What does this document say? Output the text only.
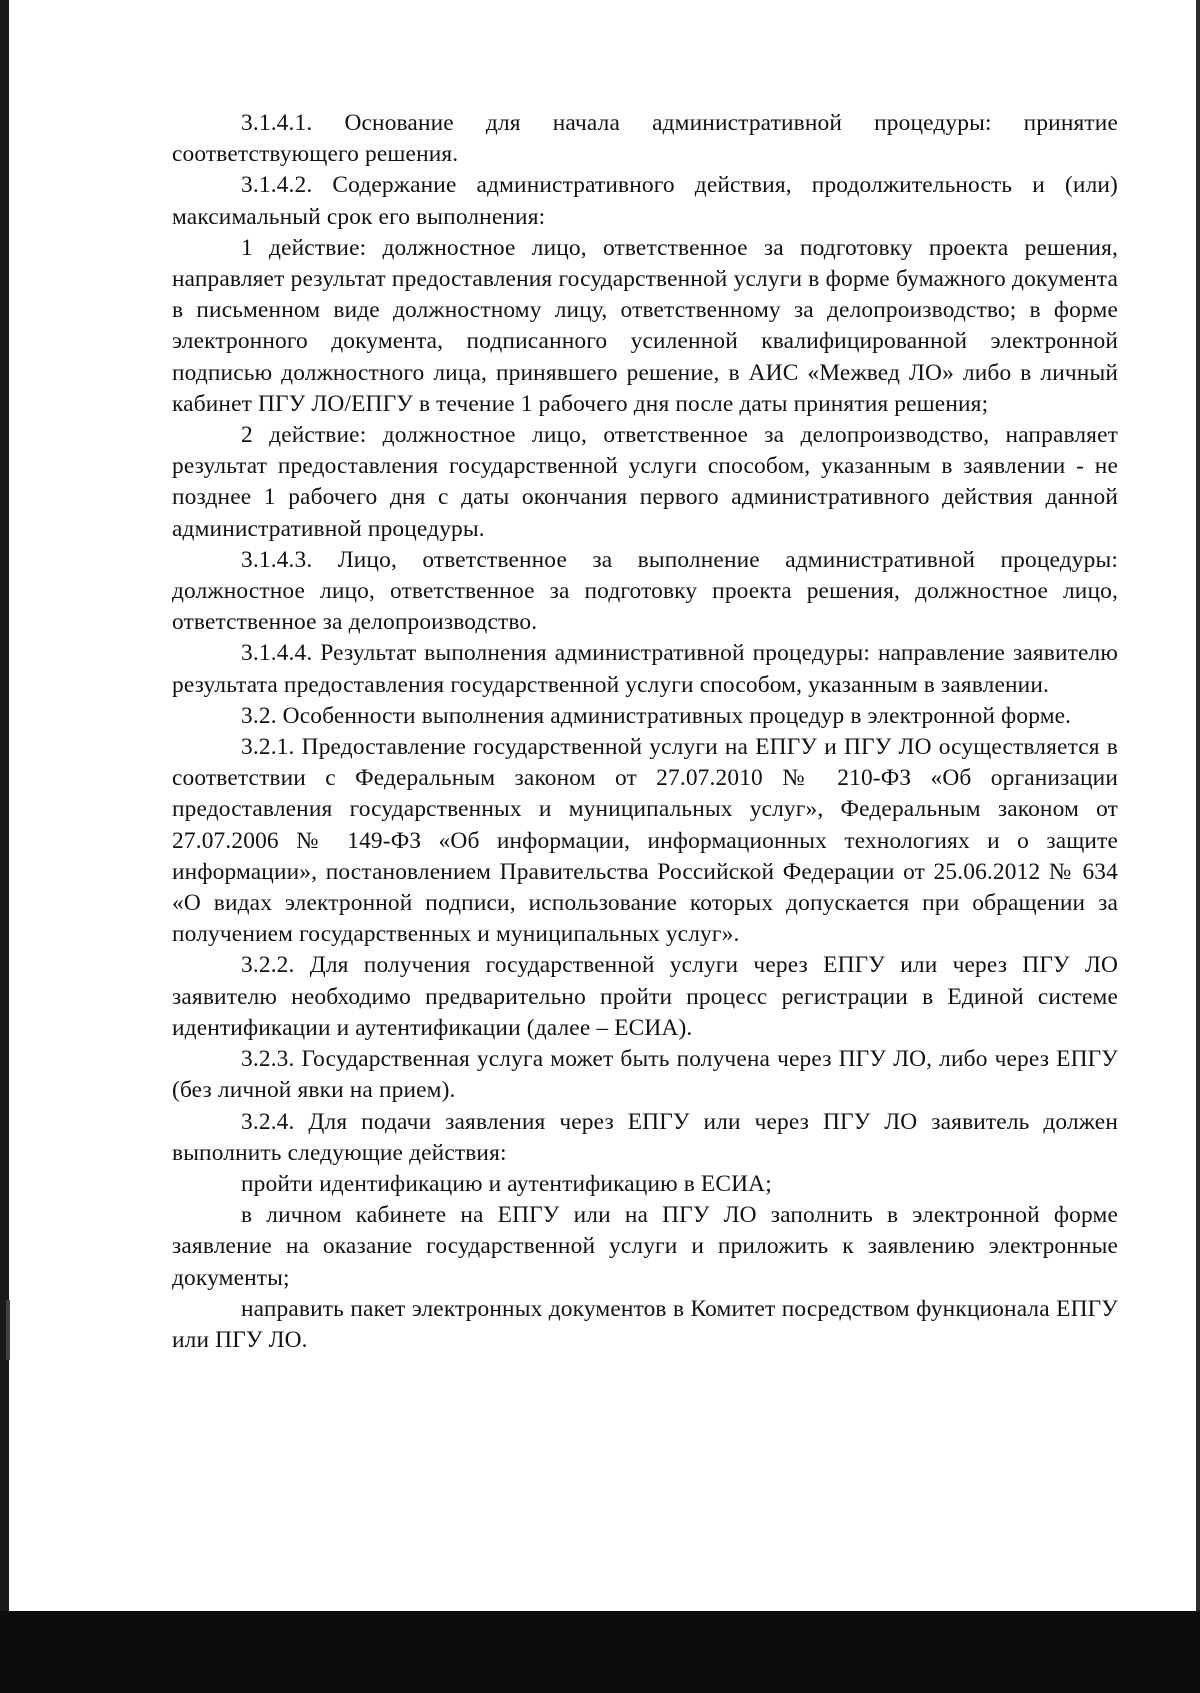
3.1.4.1. Основание для начала административной процедуры: принятие соответствующего решения.

3.1.4.2. Содержание административного действия, продолжительность и (или) максимальный срок его выполнения:

1 действие: должностное лицо, ответственное за подготовку проекта решения, направляет результат предоставления государственной услуги в форме бумажного документа в письменном виде должностному лицу, ответственному за делопроизводство; в форме электронного документа, подписанного усиленной квалифицированной электронной подписью должностного лица, принявшего решение, в АИС «Межвед ЛО» либо в личный кабинет ПГУ ЛО/ЕПГУ в течение 1 рабочего дня после даты принятия решения;

2 действие: должностное лицо, ответственное за делопроизводство, направляет результат предоставления государственной услуги способом, указанным в заявлении - не позднее 1 рабочего дня с даты окончания первого административного действия данной административной процедуры.

3.1.4.3. Лицо, ответственное за выполнение административной процедуры: должностное лицо, ответственное за подготовку проекта решения, должностное лицо, ответственное за делопроизводство.

3.1.4.4. Результат выполнения административной процедуры: направление заявителю результата предоставления государственной услуги способом, указанным в заявлении.

3.2. Особенности выполнения административных процедур в электронной форме.

3.2.1. Предоставление государственной услуги на ЕПГУ и ПГУ ЛО осуществляется в соответствии с Федеральным законом от 27.07.2010 № 210-ФЗ «Об организации предоставления государственных и муниципальных услуг», Федеральным законом от 27.07.2006 № 149-ФЗ «Об информации, информационных технологиях и о защите информации», постановлением Правительства Российской Федерации от 25.06.2012 № 634 «О видах электронной подписи, использование которых допускается при обращении за получением государственных и муниципальных услуг».

3.2.2. Для получения государственной услуги через ЕПГУ или через ПГУ ЛО заявителю необходимо предварительно пройти процесс регистрации в Единой системе идентификации и аутентификации (далее – ЕСИА).

3.2.3. Государственная услуга может быть получена через ПГУ ЛО, либо через ЕПГУ (без личной явки на прием).

3.2.4. Для подачи заявления через ЕПГУ или через ПГУ ЛО заявитель должен выполнить следующие действия:

пройти идентификацию и аутентификацию в ЕСИА;

в личном кабинете на ЕПГУ или на ПГУ ЛО заполнить в электронной форме заявление на оказание государственной услуги и приложить к заявлению электронные документы;

направить пакет электронных документов в Комитет посредством функционала ЕПГУ или ПГУ ЛО.
